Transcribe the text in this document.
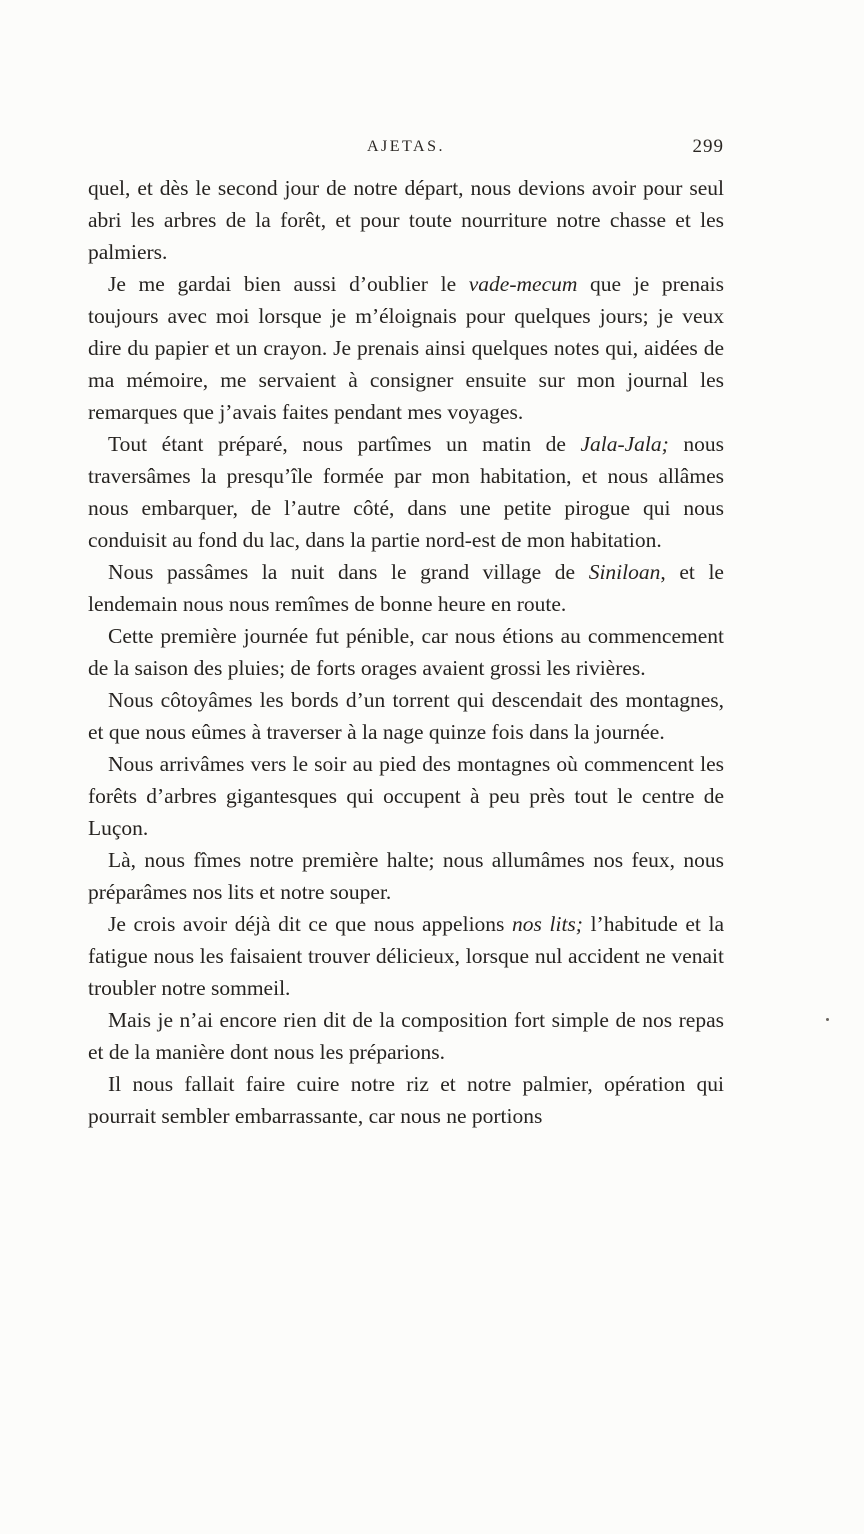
AJETAS.	299

quel, et dès le second jour de notre départ, nous devions avoir pour seul abri les arbres de la forêt, et pour toute nourriture notre chasse et les palmiers.

Je me gardai bien aussi d’oublier le vade-mecum que je prenais toujours avec moi lorsque je m’éloignais pour quelques jours; je veux dire du papier et un crayon. Je prenais ainsi quelques notes qui, aidées de ma mémoire, me servaient à consigner ensuite sur mon journal les remarques que j’avais faites pendant mes voyages.

Tout étant préparé, nous partîmes un matin de Jala-Jala; nous traversâmes la presqu’île formée par mon habitation, et nous allâmes nous embarquer, de l’autre côté, dans une petite pirogue qui nous conduisit au fond du lac, dans la partie nord-est de mon habitation.

Nous passâmes la nuit dans le grand village de Siniloan, et le lendemain nous nous remîmes de bonne heure en route.

Cette première journée fut pénible, car nous étions au commencement de la saison des pluies; de forts orages avaient grossi les rivières.

Nous côtoyâmes les bords d’un torrent qui descendait des montagnes, et que nous eûmes à traverser à la nage quinze fois dans la journée.

Nous arrivâmes vers le soir au pied des montagnes où commencent les forêts d’arbres gigantesques qui occupent à peu près tout le centre de Luçon.

Là, nous fîmes notre première halte; nous allumâmes nos feux, nous préparâmes nos lits et notre souper.

Je crois avoir déjà dit ce que nous appelions nos lits; l’habitude et la fatigue nous les faisaient trouver délicieux, lorsque nul accident ne venait troubler notre sommeil.

Mais je n’ai encore rien dit de la composition fort simple de nos repas et de la manière dont nous les préparions.

Il nous fallait faire cuire notre riz et notre palmier, opération qui pourrait sembler embarrassante, car nous ne portions
